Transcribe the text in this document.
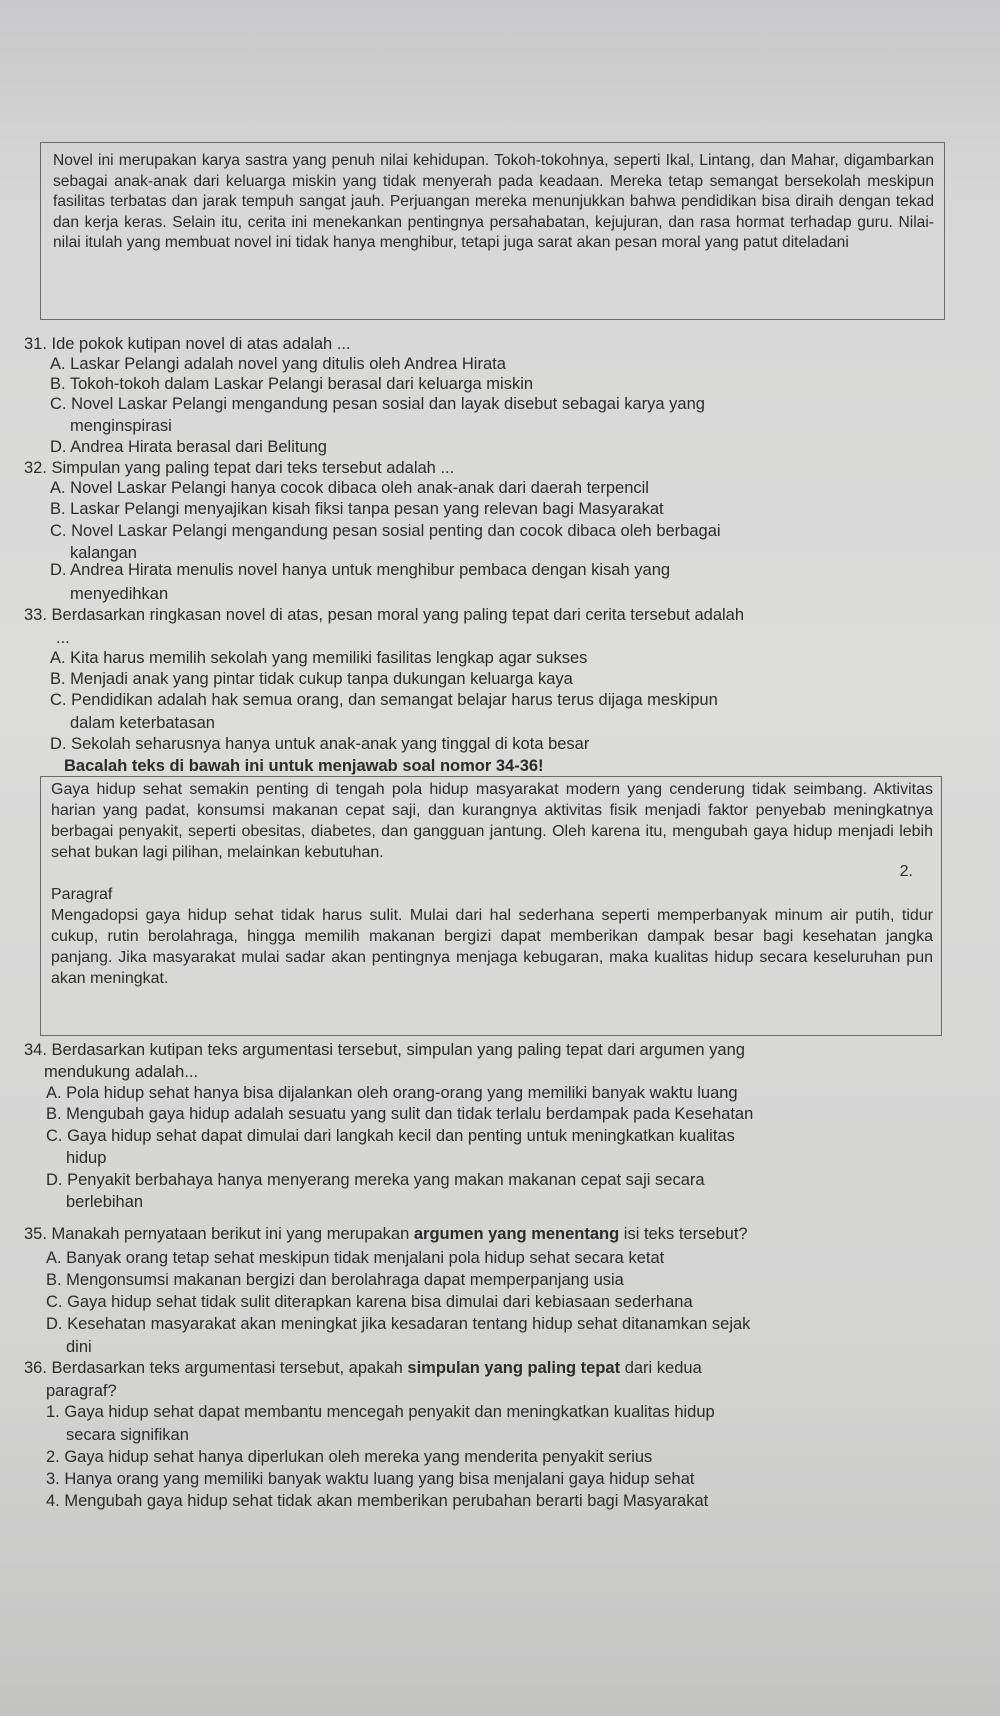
Novel ini merupakan karya sastra yang penuh nilai kehidupan. Tokoh-tokohnya, seperti Ikal, Lintang, dan Mahar, digambarkan sebagai anak-anak dari keluarga miskin yang tidak menyerah pada keadaan. Mereka tetap semangat bersekolah meskipun fasilitas terbatas dan jarak tempuh sangat jauh. Perjuangan mereka menunjukkan bahwa pendidikan bisa diraih dengan tekad dan kerja keras. Selain itu, cerita ini menekankan pentingnya persahabatan, kejujuran, dan rasa hormat terhadap guru. Nilai-nilai itulah yang membuat novel ini tidak hanya menghibur, tetapi juga sarat akan pesan moral yang patut diteladani

31. Ide pokok kutipan novel di atas adalah ...

A. Laskar Pelangi adalah novel yang ditulis oleh Andrea Hirata

B. Tokoh-tokoh dalam Laskar Pelangi berasal dari keluarga miskin

C. Novel Laskar Pelangi mengandung pesan sosial dan layak disebut sebagai karya yang

menginspirasi

D. Andrea Hirata berasal dari Belitung

32. Simpulan yang paling tepat dari teks tersebut adalah ...

A. Novel Laskar Pelangi hanya cocok dibaca oleh anak-anak dari daerah terpencil

B. Laskar Pelangi menyajikan kisah fiksi tanpa pesan yang relevan bagi Masyarakat

C. Novel Laskar Pelangi mengandung pesan sosial penting dan cocok dibaca oleh berbagai

kalangan

D. Andrea Hirata menulis novel hanya untuk menghibur pembaca dengan kisah yang

menyedihkan

33. Berdasarkan ringkasan novel di atas, pesan moral yang paling tepat dari cerita tersebut adalah

...

A. Kita harus memilih sekolah yang memiliki fasilitas lengkap agar sukses

B. Menjadi anak yang pintar tidak cukup tanpa dukungan keluarga kaya

C. Pendidikan adalah hak semua orang, dan semangat belajar harus terus dijaga meskipun

dalam keterbatasan

D. Sekolah seharusnya hanya untuk anak-anak yang tinggal di kota besar

Bacalah teks di bawah ini untuk menjawab soal nomor 34-36!

Gaya hidup sehat semakin penting di tengah pola hidup masyarakat modern yang cenderung tidak seimbang. Aktivitas harian yang padat, konsumsi makanan cepat saji, dan kurangnya aktivitas fisik menjadi faktor penyebab meningkatnya berbagai penyakit, seperti obesitas, diabetes, dan gangguan jantung. Oleh karena itu, mengubah gaya hidup menjadi lebih sehat bukan lagi pilihan, melainkan kebutuhan.

2.

Paragraf

Mengadopsi gaya hidup sehat tidak harus sulit. Mulai dari hal sederhana seperti memperbanyak minum air putih, tidur cukup, rutin berolahraga, hingga memilih makanan bergizi dapat memberikan dampak besar bagi kesehatan jangka panjang. Jika masyarakat mulai sadar akan pentingnya menjaga kebugaran, maka kualitas hidup secara keseluruhan pun akan meningkat.

34. Berdasarkan kutipan teks argumentasi tersebut, simpulan yang paling tepat dari argumen yang

mendukung adalah...

A. Pola hidup sehat hanya bisa dijalankan oleh orang-orang yang memiliki banyak waktu luang

B. Mengubah gaya hidup adalah sesuatu yang sulit dan tidak terlalu berdampak pada Kesehatan

C. Gaya hidup sehat dapat dimulai dari langkah kecil dan penting untuk meningkatkan kualitas

hidup

D. Penyakit berbahaya hanya menyerang mereka yang makan makanan cepat saji secara

berlebihan

35. Manakah pernyataan berikut ini yang merupakan argumen yang menentang isi teks tersebut?

A. Banyak orang tetap sehat meskipun tidak menjalani pola hidup sehat secara ketat

B. Mengonsumsi makanan bergizi dan berolahraga dapat memperpanjang usia

C. Gaya hidup sehat tidak sulit diterapkan karena bisa dimulai dari kebiasaan sederhana

D. Kesehatan masyarakat akan meningkat jika kesadaran tentang hidup sehat ditanamkan sejak

dini

36. Berdasarkan teks argumentasi tersebut, apakah simpulan yang paling tepat dari kedua

paragraf?

1. Gaya hidup sehat dapat membantu mencegah penyakit dan meningkatkan kualitas hidup

secara signifikan

2. Gaya hidup sehat hanya diperlukan oleh mereka yang menderita penyakit serius

3. Hanya orang yang memiliki banyak waktu luang yang bisa menjalani gaya hidup sehat

4. Mengubah gaya hidup sehat tidak akan memberikan perubahan berarti bagi Masyarakat
